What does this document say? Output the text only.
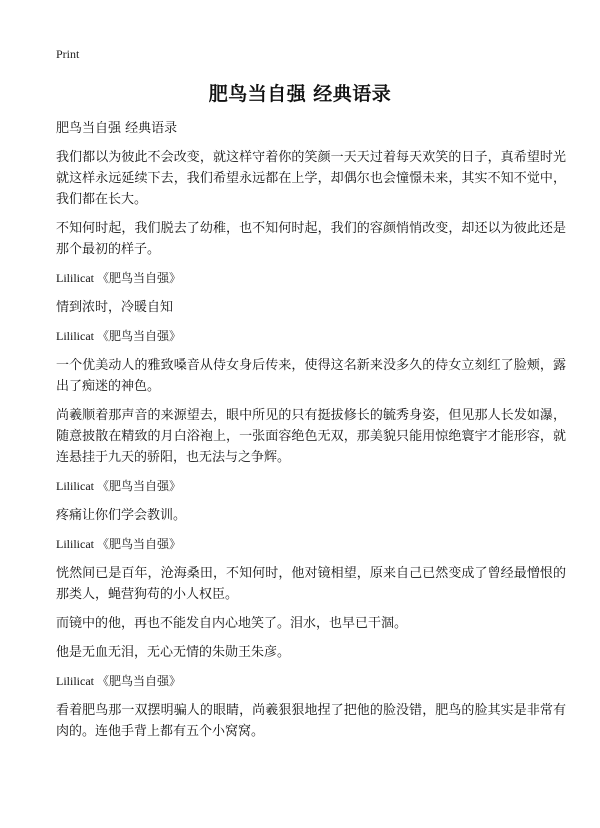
Print
肥鸟当自强 经典语录

肥鸟当自强 经典语录

我们都以为彼此不会改变，就这样守着你的笑颜一天天过着每天欢笑的日子，真希望时光就这样永远延续下去，我们希望永远都在上学，却偶尔也会憧憬未来，其实不知不觉中，我们都在长大。

不知何时起，我们脱去了幼稚，也不知何时起，我们的容颜悄悄改变，却还以为彼此还是那个最初的样子。

Lililicat 《肥鸟当自强》

情到浓时，冷暖自知

Lililicat 《肥鸟当自强》

一个优美动人的雅致嗓音从侍女身后传来，使得这名新来没多久的侍女立刻红了脸颊，露出了痴迷的神色。

尚羲顺着那声音的来源望去，眼中所见的只有挺拔修长的毓秀身姿，但见那人长发如瀑，随意披散在精致的月白浴袍上，一张面容绝色无双，那美貌只能用惊绝寰宇才能形容，就连悬挂于九天的骄阳，也无法与之争辉。

Lililicat 《肥鸟当自强》

疼痛让你们学会教训。

Lililicat 《肥鸟当自强》

恍然间已是百年，沧海桑田，不知何时，他对镜相望，原来自己已然变成了曾经最憎恨的那类人，蝇营狗苟的小人权臣。

而镜中的他，再也不能发自内心地笑了。泪水，也早已干涸。

他是无血无泪，无心无情的朱勋王朱彦。

Lililicat 《肥鸟当自强》

看着肥鸟那一双摆明骗人的眼睛，尚羲狠狠地捏了把他的脸没错，肥鸟的脸其实是非常有肉的。连他手背上都有五个小窝窝。
